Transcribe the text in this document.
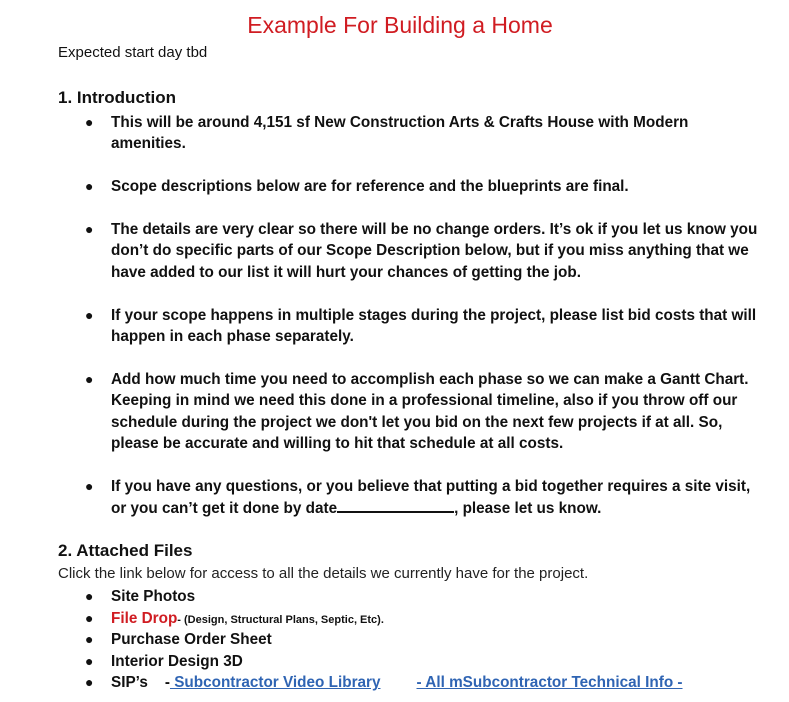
Example For Building a Home
Expected start day tbd
1. Introduction
● This will be around 4,151 sf New Construction Arts & Crafts House with Modern amenities.
● Scope descriptions below are for reference and the blueprints are final.
● The details are very clear so there will be no change orders. It’s ok if you let us know you don’t do specific parts of our Scope Description below, but if you miss anything that we have added to our list it will hurt your chances of getting the job.
● If your scope happens in multiple stages during the project, please list bid costs that will happen in each phase separately.
● Add how much time you need to accomplish each phase so we can make a Gantt Chart. Keeping in mind we need this done in a professional timeline, also if you throw off our schedule during the project we don't let you bid on the next few projects if at all. So, please be accurate and willing to hit that schedule at all costs.
● If you have any questions, or you believe that putting a bid together requires a site visit, or you can’t get it done by date	, please let us know.
2. Attached Files
Click the link below for access to all the details we currently have for the project.
● Site Photos
● File Drop- (Design, Structural Plans, Septic, Etc).
● Purchase Order Sheet
● Interior Design 3D
● SIP’s - Subcontractor Video Library - All mSubcontractor Technical Info -
